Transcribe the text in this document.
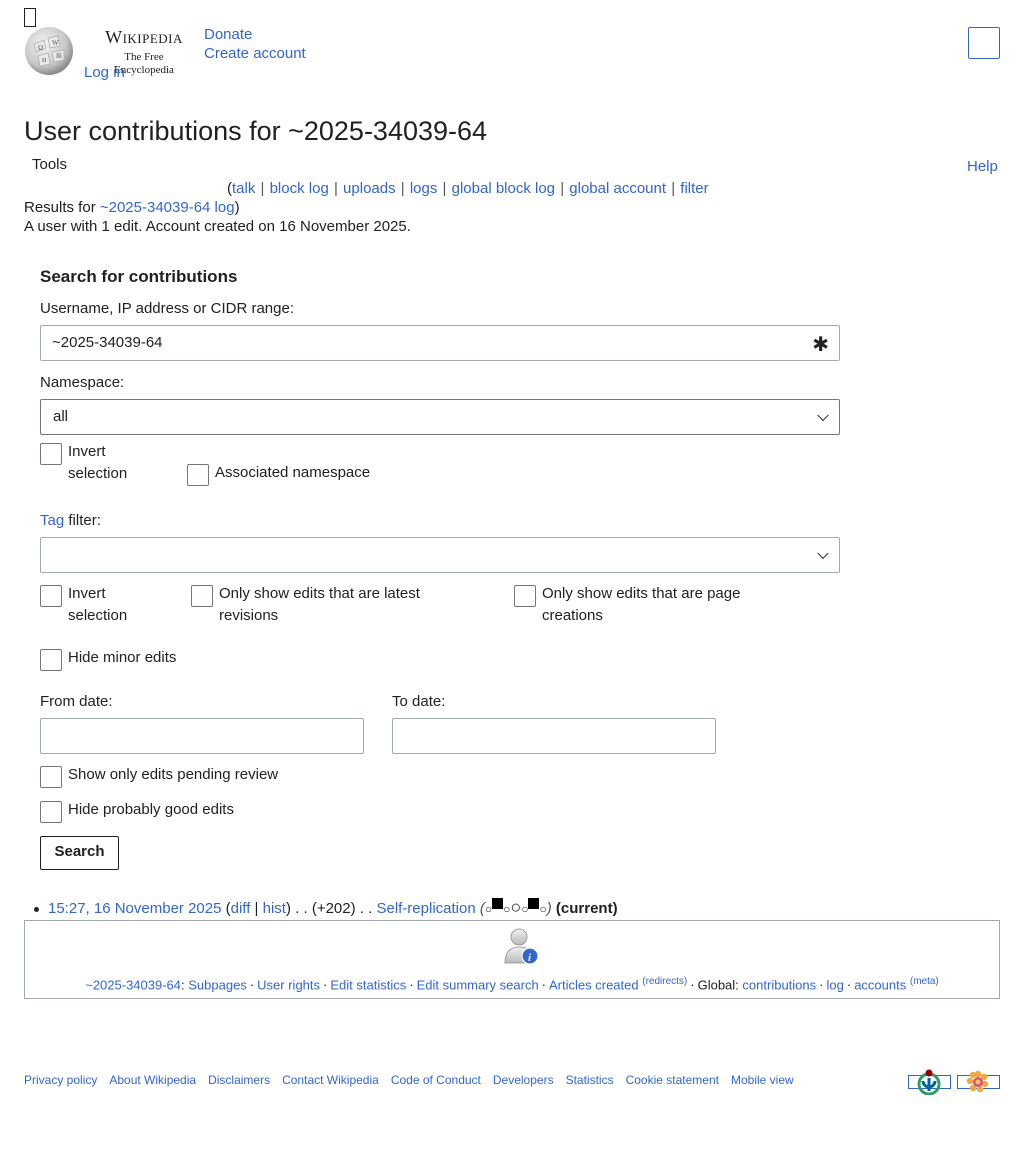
Ω
W
И
維
WIKIPEDIA
The Free Encyclopedia
Donate
Create account
Log in
User contributions for ~2025-34039-64
Tools	Help
(talk | block log | uploads | logs | global block log | global account | filter
Results for ~2025-34039-64 log)
A user with 1 edit. Account created on 16 November 2025.
Search for contributions
Username, IP address or CIDR range:
~2025-34039-64	✱
Namespace:
all
Invert selection	Associated namespace
Tag filter:
Invert selection
Only show edits that are latest revisions
Only show edits that are page creations
Hide minor edits
From date:	To date:
Show only edits pending review
Hide probably good edits
Search
15:27, 16 November 2025 (diff | hist) . . (+202) . . Self-replication (○ ○○○ ○) (current)
i
~2025-34039-64: Subpages · User rights · Edit statistics · Edit summary search · Articles created $^{(redirects)}$ · Global: contributions · log · accounts $^{(meta)}$
Privacy policy About Wikipedia Disclaimers Contact Wikipedia Code of Conduct Developers Statistics Cookie statement Mobile view
